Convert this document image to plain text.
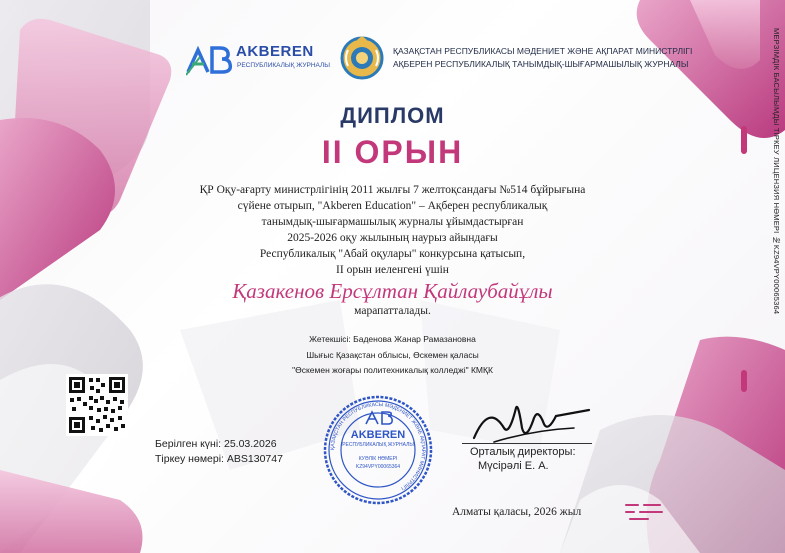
AKBEREN
РЕСПУБЛИКАЛЫҚ ЖУРНАЛЫ
ҚАЗАҚСТАН РЕСПУБЛИКАСЫ МӘДЕНИЕТ ЖӘНЕ АҚПАРАТ МИНИСТРЛІГІ
АҚБЕРЕН РЕСПУБЛИКАЛЫҚ ТАНЫМДЫҚ-ШЫҒАРМАШЫЛЫҚ ЖУРНАЛЫ
ДИПЛОМ
II ОРЫН
ҚР Оқу-ағарту министрлігінің 2011 жылғы 7 желтоқсандағы №514 бұйрығына
сүйене отырып, "Akberen Education" – Ақберен республикалық
танымдық-шығармашылық журналы ұйымдастырған
2025-2026 оқу жылының наурыз айындағы
Республикалық "Абай оқулары" конкурсына қатысып,
II орын иеленгені үшін
Қазакенов Ерсұлтан Қайлаубайұлы
марапатталады.
Жетекшісі: Баденова Жанар Рамазановна
Шығыс Қазақстан облысы, Өскемен қаласы
"Өскемен жоғары политехникалық колледжі" КМҚК
Берілген күні: 25.03.2026
Тіркеу нөмері: ABS130747
ҚАЗАҚСТАН РЕСПУБЛИКАСЫ МӘДЕНИЕТ ЖӘНЕ АҚПАРАТ МИНИСТРЛІГІ
AKBEREN
РЕСПУБЛИКАЛЫҚ ЖУРНАЛЫ
КУӘЛІК НӨМЕРІ
KZ94VPY00065364
Орталық директоры:
Мүсірәлі Е. А.
Алматы қаласы, 2026 жыл
МЕРЗІМДІК БАСЫЛЫМДЫ ТІРКЕУ ЛИЦЕНЗИЯ НӨМЕРІ №KZ94VPY00065364
